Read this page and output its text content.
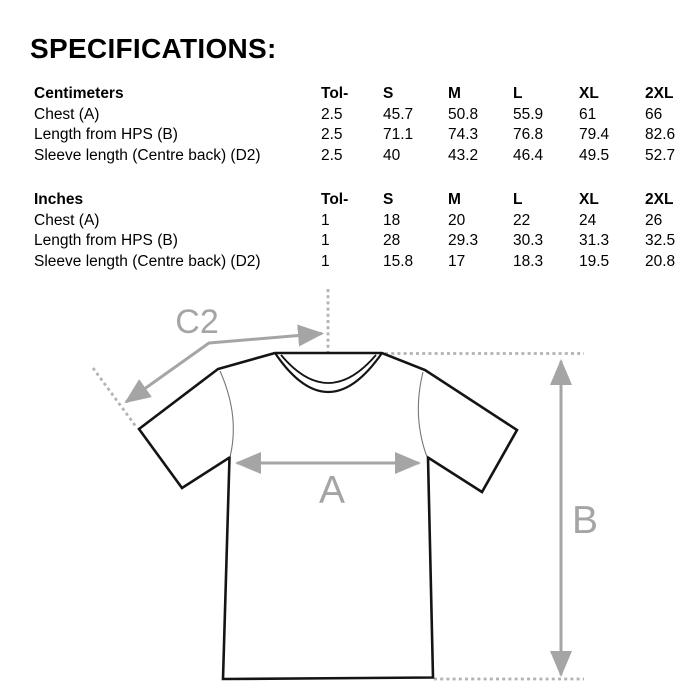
SPECIFICATIONS:
Centimeters	Tol-	S	M	L	XL	2XL
Chest (A)	2.5	45.7	50.8	55.9	61	66
Length from HPS (B)	2.5	71.1	74.3	76.8	79.4	82.6
Sleeve length (Centre back) (D2)	2.5	40	43.2	46.4	49.5	52.7
Inches	Tol-	S	M	L	XL	2XL
Chest (A)	1	18	20	22	24	26
Length from HPS (B)	1	28	29.3	30.3	31.3	32.5
Sleeve length (Centre back) (D2)	1	15.8	17	18.3	19.5	20.8
C2
A
B
